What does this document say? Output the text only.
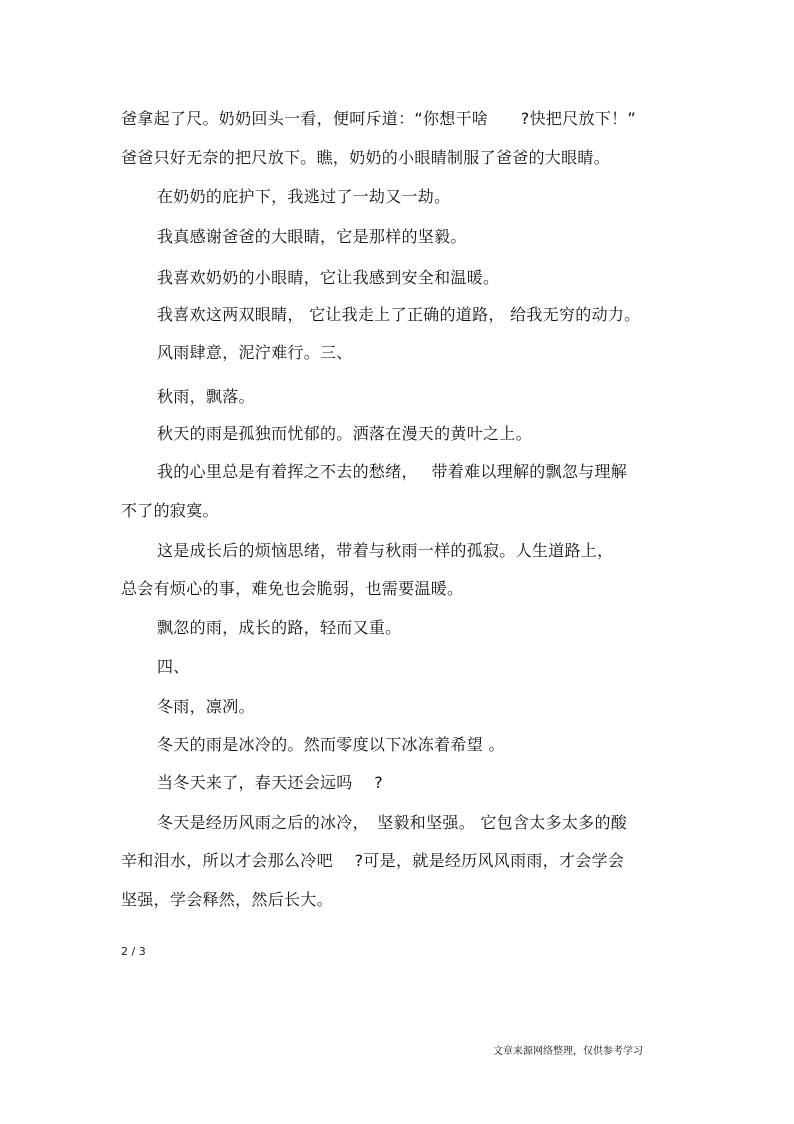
爸拿起了尺。奶奶回头一看，便呵斥道：“你想干啥　　?快把尺放下！”
爸爸只好无奈的把尺放下。瞧，奶奶的小眼睛制服了爸爸的大眼睛。
在奶奶的庇护下，我逃过了一劫又一劫。
我真感谢爸爸的大眼睛，它是那样的坚毅。
我喜欢奶奶的小眼睛，它让我感到安全和温暖。
我喜欢这两双眼睛， 它让我走上了正确的道路， 给我无穷的动力。
风雨肆意，泥泞难行。三、
秋雨，飘落。
秋天的雨是孤独而忧郁的。洒落在漫天的黄叶之上。
我的心里总是有着挥之不去的愁绪，　 带着难以理解的飘忽与理解
不了的寂寞。
这是成长后的烦恼思绪，带着与秋雨一样的孤寂。人生道路上，
总会有烦心的事，难免也会脆弱，也需要温暖。
飘忽的雨，成长的路，轻而又重。
四、
冬雨，凛冽。
冬天的雨是冰冷的。然而零度以下冰冻着希望 。
当冬天来了，春天还会远吗　 ?
冬天是经历风雨之后的冰冷，　坚毅和坚强。 它包含太多太多的酸
辛和泪水，所以才会那么冷吧　 ?可是，就是经历风风雨雨，才会学会
坚强，学会释然，然后长大。
2 / 3
文章来源网络整理，仅供参考学习
